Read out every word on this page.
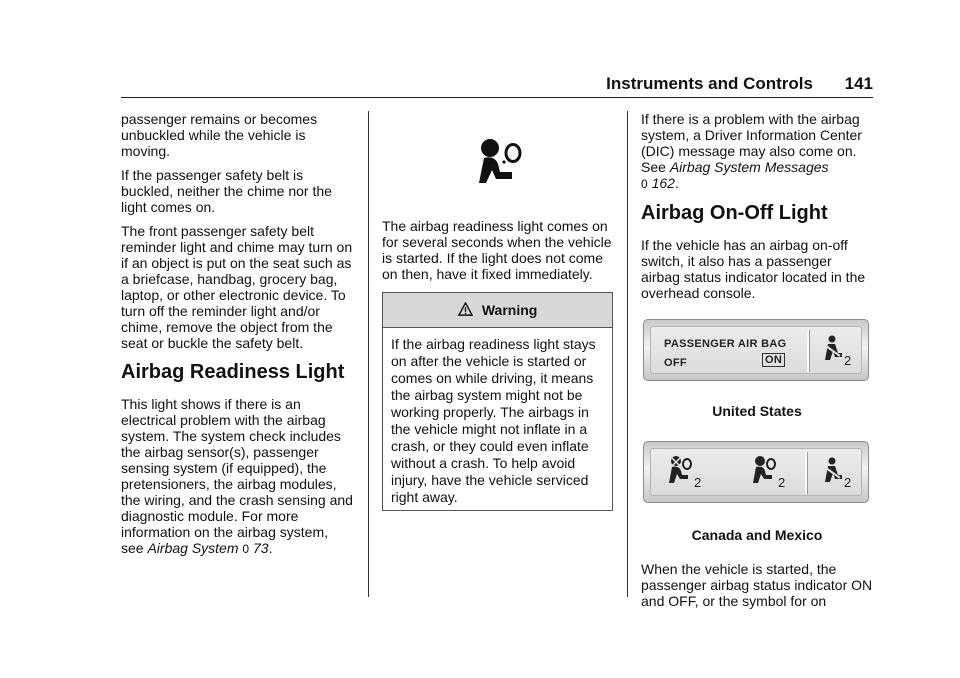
Instruments and Controls 141

passenger remains or becomes unbuckled while the vehicle is moving.

If the passenger safety belt is buckled, neither the chime nor the light comes on.

The front passenger safety belt reminder light and chime may turn on if an object is put on the seat such as a briefcase, handbag, grocery bag, laptop, or other electronic device. To turn off the reminder light and/or chime, remove the object from the seat or buckle the safety belt.

Airbag Readiness Light

This light shows if there is an electrical problem with the airbag system. The system check includes the airbag sensor(s), passenger sensing system (if equipped), the pretensioners, the airbag modules, the wiring, and the crash sensing and diagnostic module. For more information on the airbag system, see Airbag System 0 73.

The airbag readiness light comes on for several seconds when the vehicle is started. If the light does not come on then, have it fixed immediately.

Warning
If the airbag readiness light stays on after the vehicle is started or comes on while driving, it means the airbag system might not be working properly. The airbags in the vehicle might not inflate in a crash, or they could even inflate without a crash. To help avoid injury, have the vehicle serviced right away.

If there is a problem with the airbag system, a Driver Information Center (DIC) message may also come on. See Airbag System Messages
0 162.

Airbag On-Off Light

If the vehicle has an airbag on-off switch, it also has a passenger airbag status indicator located in the overhead console.

PASSENGER AIR BAG
OFF	ON	2
United States
2	2	2
Canada and Mexico

When the vehicle is started, the passenger airbag status indicator ON and OFF, or the symbol for on
